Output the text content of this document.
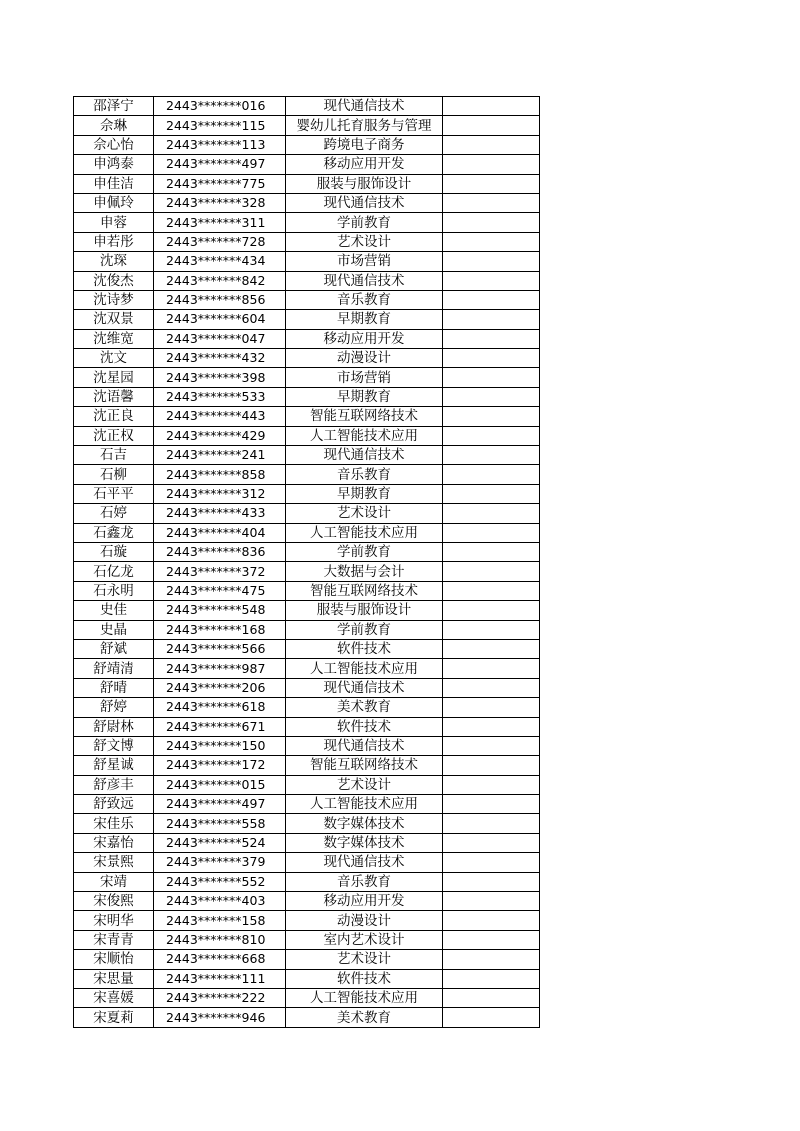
邵泽宁	2443*******016	现代通信技术	
佘琳	2443*******115	婴幼儿托育服务与管理	
佘心怡	2443*******113	跨境电子商务	
申鸿泰	2443*******497	移动应用开发	
申佳洁	2443*******775	服装与服饰设计	
申佩玲	2443*******328	现代通信技术	
申蓉	2443*******311	学前教育	
申若彤	2443*******728	艺术设计	
沈琛	2443*******434	市场营销	
沈俊杰	2443*******842	现代通信技术	
沈诗梦	2443*******856	音乐教育	
沈双景	2443*******604	早期教育	
沈维宽	2443*******047	移动应用开发	
沈文	2443*******432	动漫设计	
沈星园	2443*******398	市场营销	
沈语馨	2443*******533	早期教育	
沈正良	2443*******443	智能互联网络技术	
沈正权	2443*******429	人工智能技术应用	
石吉	2443*******241	现代通信技术	
石柳	2443*******858	音乐教育	
石平平	2443*******312	早期教育	
石婷	2443*******433	艺术设计	
石鑫龙	2443*******404	人工智能技术应用	
石璇	2443*******836	学前教育	
石亿龙	2443*******372	大数据与会计	
石永明	2443*******475	智能互联网络技术	
史佳	2443*******548	服装与服饰设计	
史晶	2443*******168	学前教育	
舒斌	2443*******566	软件技术	
舒靖清	2443*******987	人工智能技术应用	
舒晴	2443*******206	现代通信技术	
舒婷	2443*******618	美术教育	
舒尉林	2443*******671	软件技术	
舒文博	2443*******150	现代通信技术	
舒星诚	2443*******172	智能互联网络技术	
舒彦丰	2443*******015	艺术设计	
舒致远	2443*******497	人工智能技术应用	
宋佳乐	2443*******558	数字媒体技术	
宋嘉怡	2443*******524	数字媒体技术	
宋景熙	2443*******379	现代通信技术	
宋靖	2443*******552	音乐教育	
宋俊熙	2443*******403	移动应用开发	
宋明华	2443*******158	动漫设计	
宋青青	2443*******810	室内艺术设计	
宋顺怡	2443*******668	艺术设计	
宋思量	2443*******111	软件技术	
宋喜媛	2443*******222	人工智能技术应用	
宋夏莉	2443*******946	美术教育	
